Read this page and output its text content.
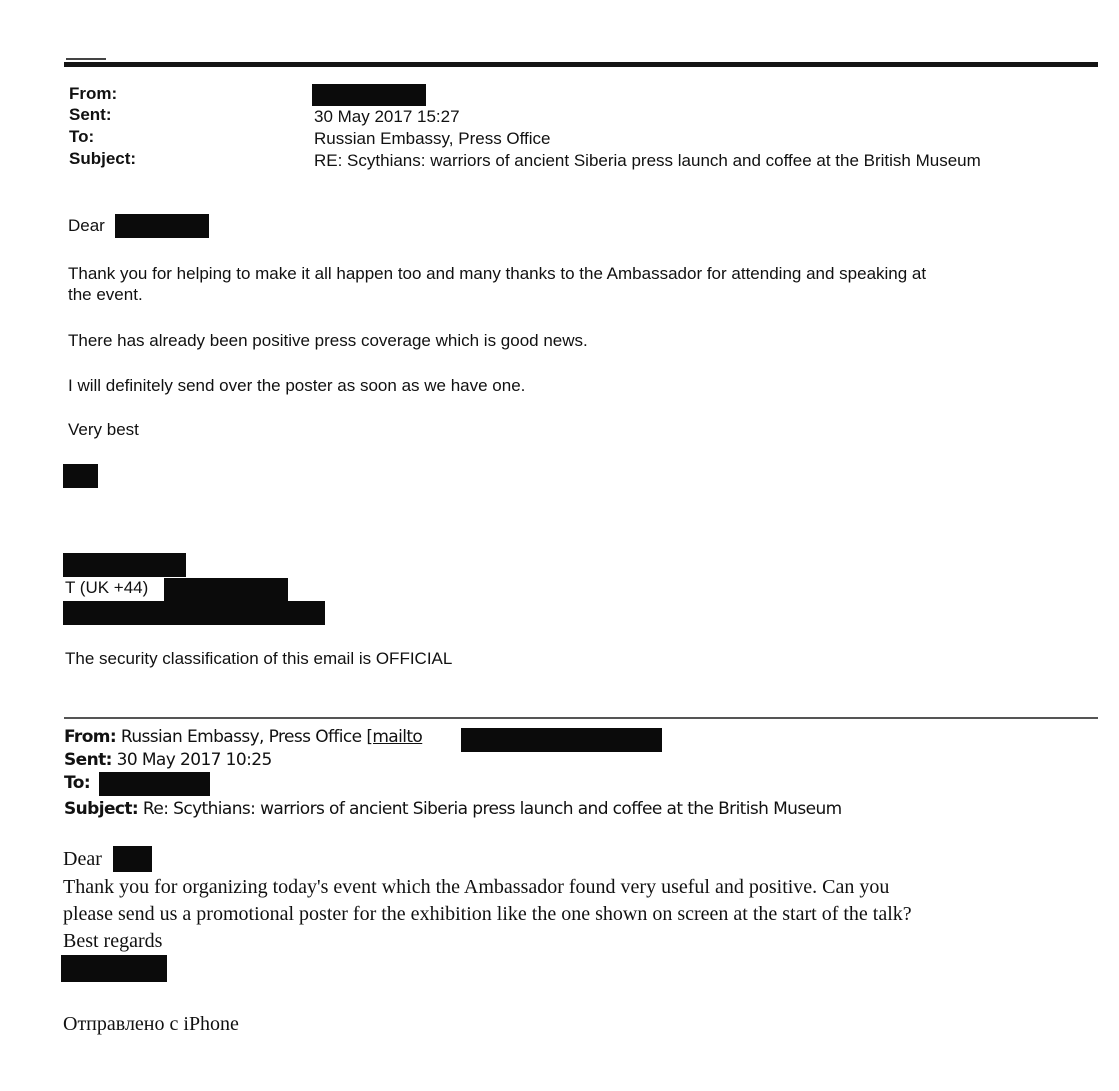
From:
Sent:
To:
Subject:
30 May 2017 15:27
Russian Embassy, Press Office
RE: Scythians: warriors of ancient Siberia press launch and coffee at the British Museum
Dear
Thank you for helping to make it all happen too and many thanks to the Ambassador for attending and speaking at
the event.
There has already been positive press coverage which is good news.
I will definitely send over the poster as soon as we have one.
Very best
T (UK +44)
The security classification of this email is OFFICIAL
From: Russian Embassy, Press Office [mailto
Sent: 30 May 2017 10:25
To:
Subject: Re: Scythians: warriors of ancient Siberia press launch and coffee at the British Museum
Dear
Thank you for organizing today's event which the Ambassador found very useful and positive. Can you
please send us a promotional poster for the exhibition like the one shown on screen at the start of the talk?
Best regards
Отправлено с iPhone
